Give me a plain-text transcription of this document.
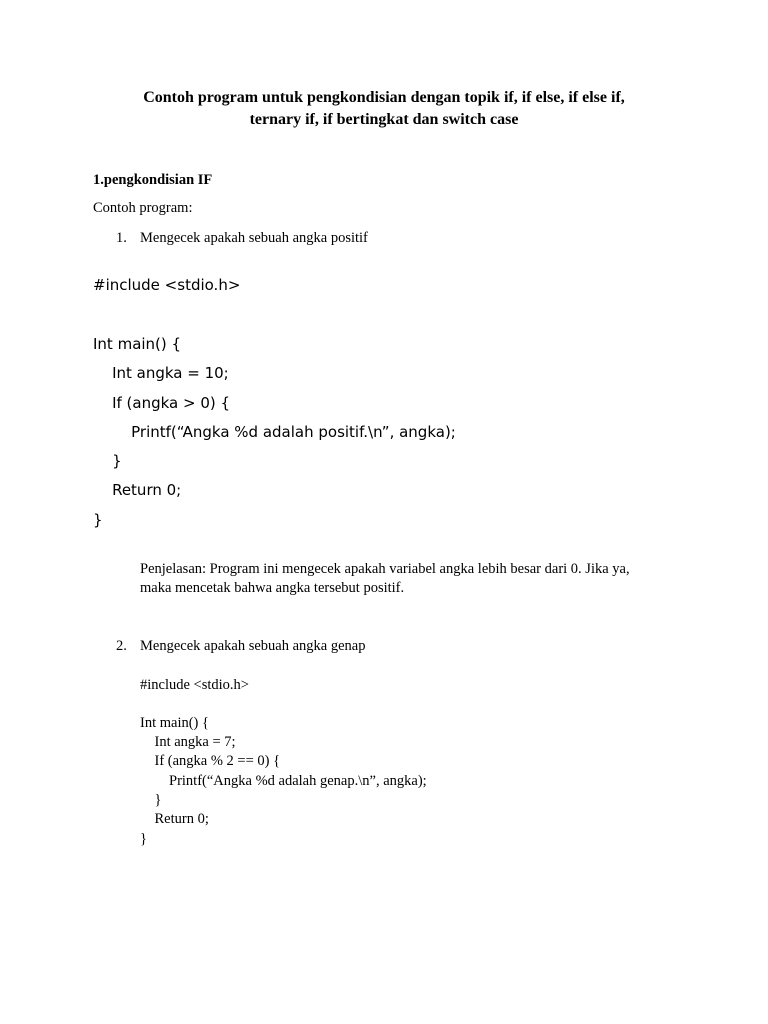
Contoh program untuk pengkondisian dengan topik if, if else, if else if,
ternary if, if bertingkat dan switch case
1.pengkondisian IF
Contoh program:
1. Mengecek apakah sebuah angka positif
#include <stdio.h>
Int main() {
Int angka = 10;
If (angka > 0) {
Printf(“Angka %d adalah positif.\n”, angka);
}
Return 0;
}
Penjelasan: Program ini mengecek apakah variabel angka lebih besar dari 0. Jika ya,
maka mencetak bahwa angka tersebut positif.
2. Mengecek apakah sebuah angka genap
#include <stdio.h>
Int main() {
Int angka = 7;
If (angka % 2 == 0) {
Printf(“Angka %d adalah genap.\n”, angka);
}
Return 0;
}
